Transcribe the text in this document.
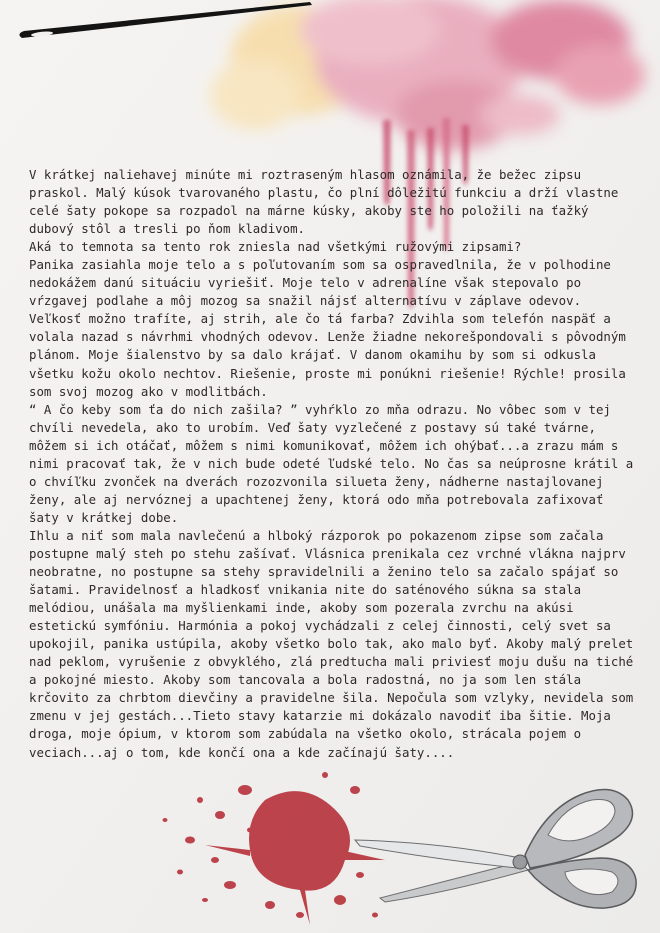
V krátkej naliehavej minúte mi roztraseným hlasom oznámila, že bežec zipsu
praskol. Malý kúsok tvarovaného plastu, čo plní dôležitú funkciu a drží vlastne
celé šaty pokope sa rozpadol na márne kúsky, akoby ste ho položili na ťažký
dubový stôl a tresli po ňom kladivom.
Aká to temnota sa tento rok zniesla nad všetkými ružovými zipsami?
Panika zasiahla moje telo a s poľutovaním som sa ospravedlnila, že v polhodine
nedokážem danú situáciu vyriešiť. Moje telo v adrenalíne však stepovalo po
vŕzgavej podlahe a môj mozog sa snažil nájsť alternatívu v záplave odevov.
Veľkosť možno trafíte, aj strih, ale čo tá farba? Zdvihla som telefón naspäť a
volala nazad s návrhmi vhodných odevov. Lenže žiadne nekorešpondovali s pôvodným
plánom. Moje šialenstvo by sa dalo krájať. V danom okamihu by som si odkusla
všetku kožu okolo nechtov. Riešenie, proste mi ponúkni riešenie! Rýchle! prosila
som svoj mozog ako v modlitbách.
“ A čo keby som ťa do nich zašila? ” vyhŕklo zo mňa odrazu. No vôbec som v tej
chvíli nevedela, ako to urobím. Veď šaty vyzlečené z postavy sú také tvárne,
môžem si ich otáčať, môžem s nimi komunikovať, môžem ich ohýbať...a zrazu mám s
nimi pracovať tak, že v nich bude odeté ľudské telo. No čas sa neúprosne krátil a
o chvíľku zvonček na dverách rozozvonila silueta ženy, nádherne nastajlovanej
ženy, ale aj nervóznej a upachtenej ženy, ktorá odo mňa potrebovala zafixovať
šaty v krátkej dobe.
Ihlu a niť som mala navlečenú a hlboký rázporok po pokazenom zipse som začala
postupne malý steh po stehu zašívať. Vlásnica prenikala cez vrchné vlákna najprv
neobratne, no postupne sa stehy spravidelnili a ženino telo sa začalo spájať so
šatami. Pravidelnosť a hladkosť vnikania nite do saténového súkna sa stala
melódiou, unášala ma myšlienkami inde, akoby som pozerala zvrchu na akúsi
estetickú symfóniu. Harmónia a pokoj vychádzali z celej činnosti, celý svet sa
upokojil, panika ustúpila, akoby všetko bolo tak, ako malo byť. Akoby malý prelet
nad peklom, vyrušenie z obvyklého, zlá predtucha mali priviesť moju dušu na tiché
a pokojné miesto. Akoby som tancovala a bola radostná, no ja som len stála
krčovito za chrbtom dievčiny a pravidelne šila. Nepočula som vzlyky, nevidela som
zmenu v jej gestách...Tieto stavy katarzie mi dokázalo navodiť iba šitie. Moja
droga, moje ópium, v ktorom som zabúdala na všetko okolo, strácala pojem o
veciach...aj o tom, kde končí ona a kde začínajú šaty....
